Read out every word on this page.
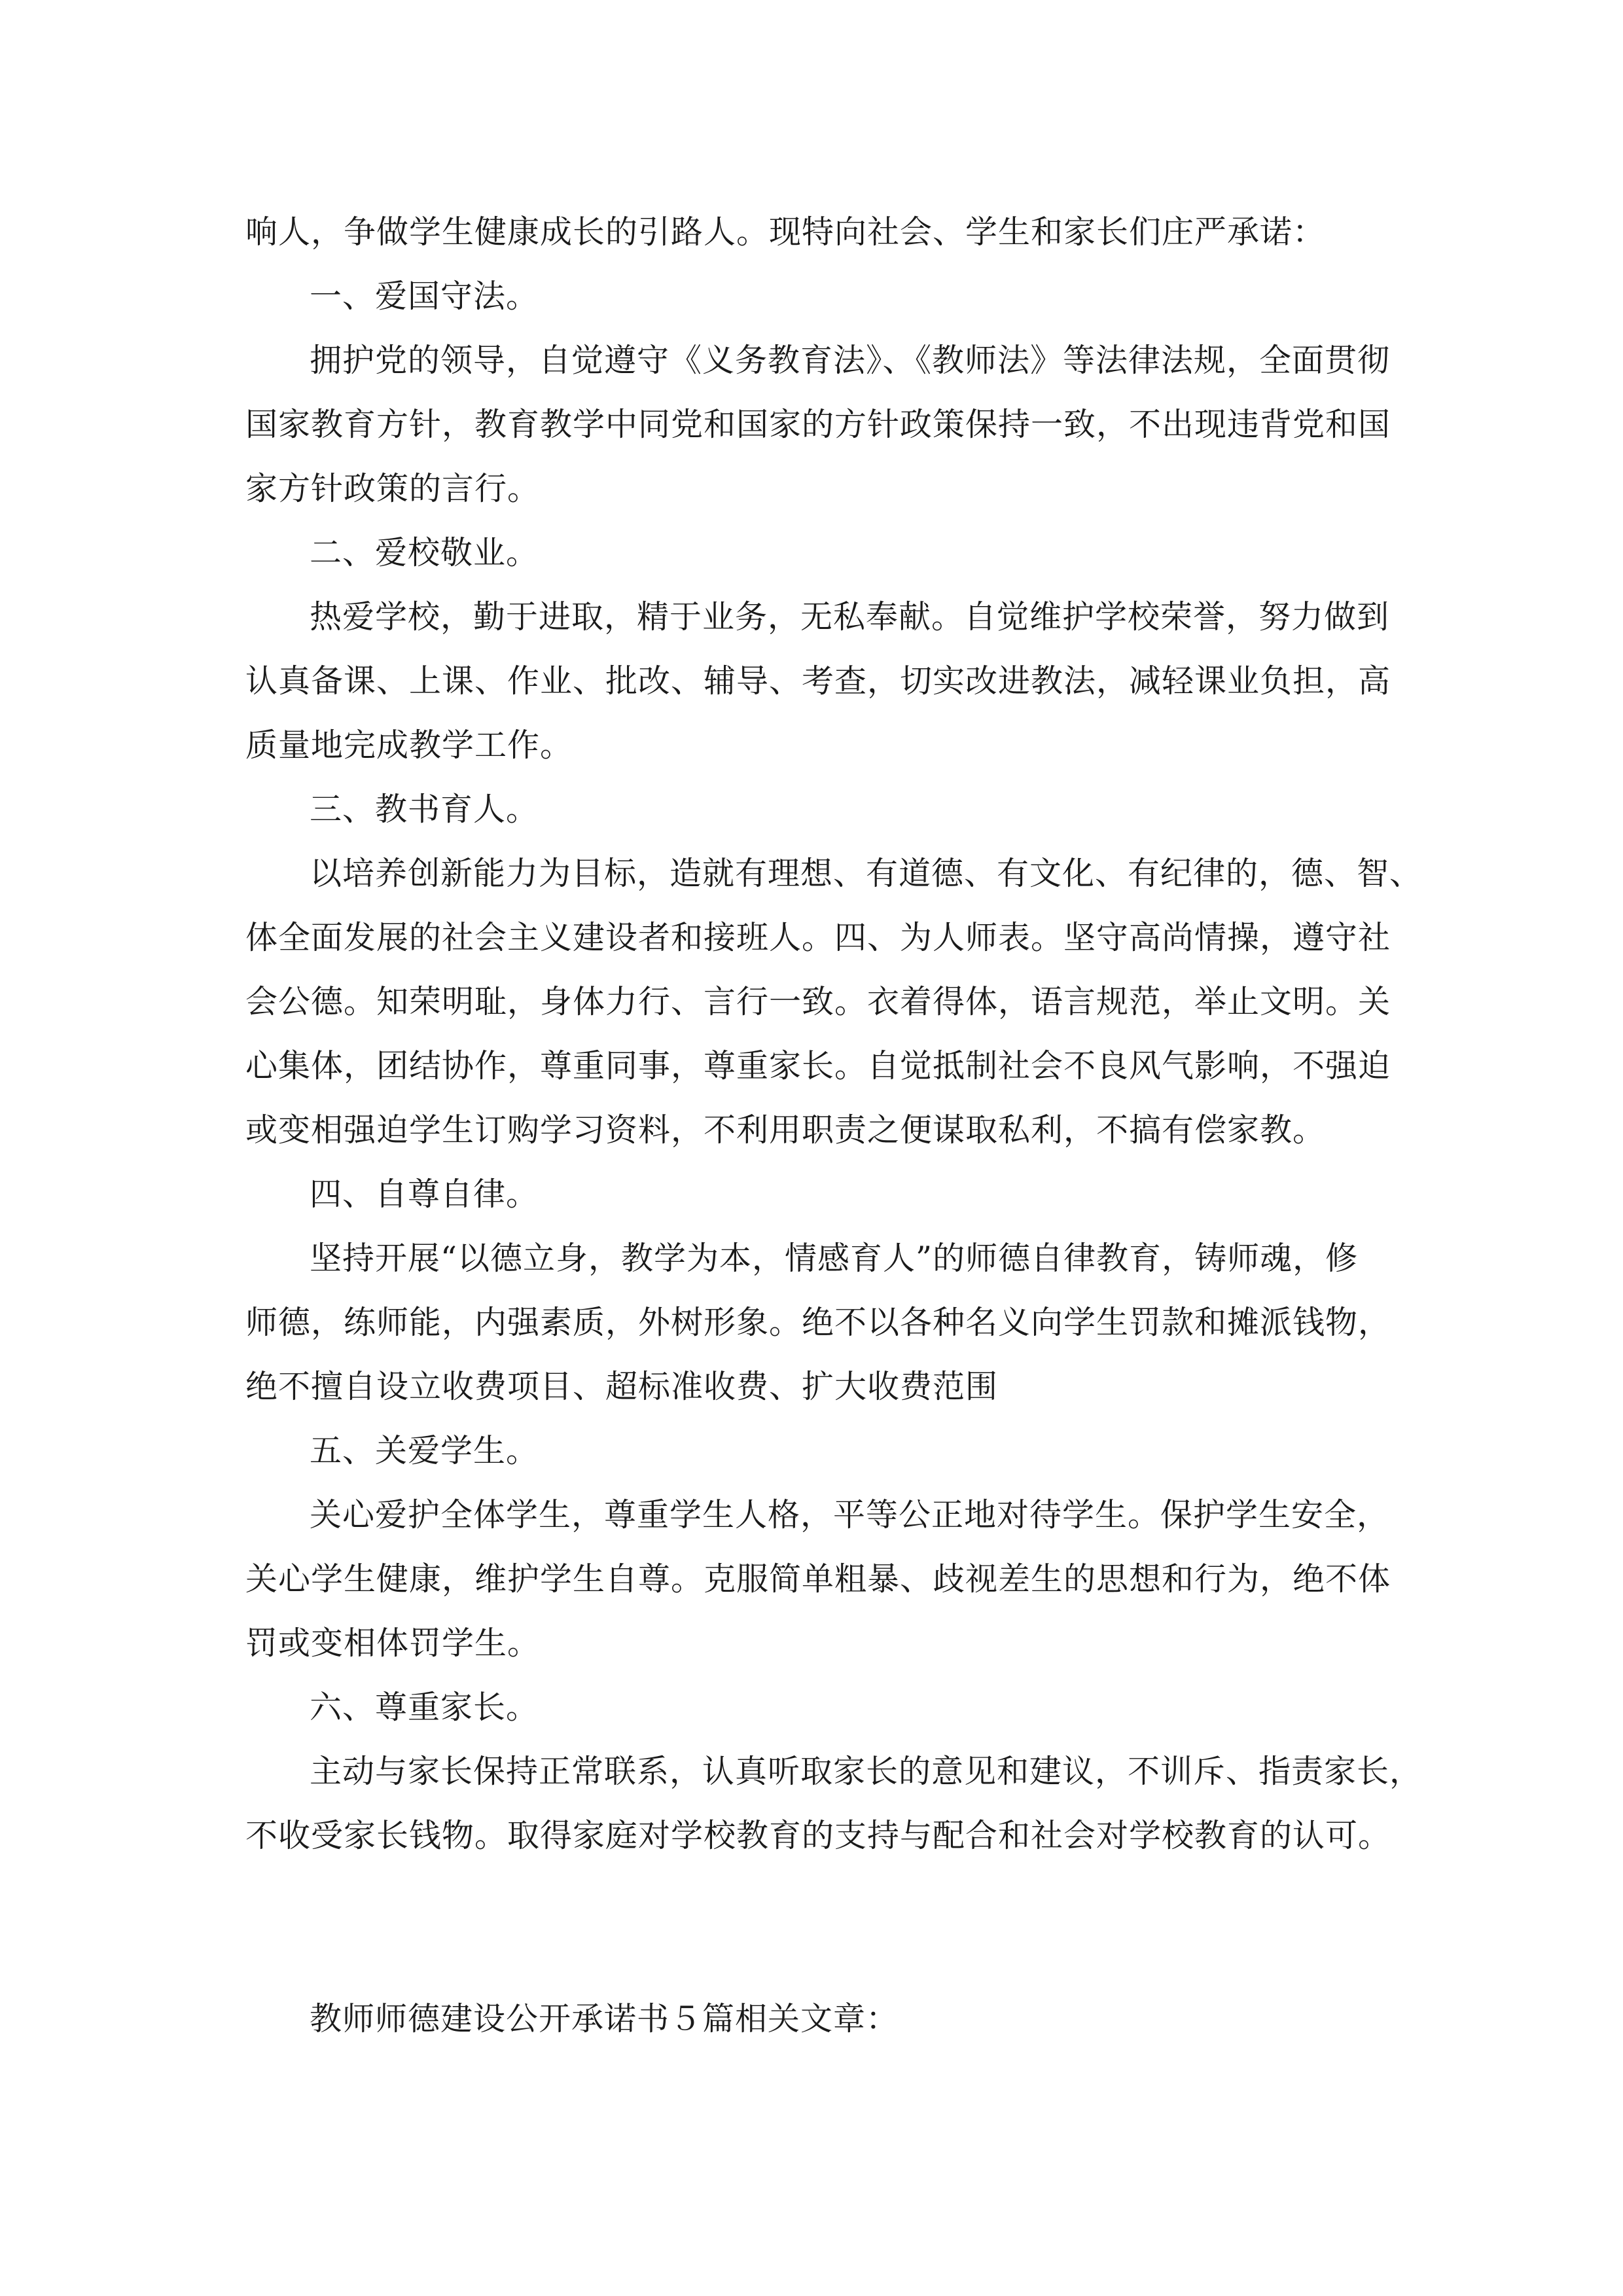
响人，争做学生健康成长的引路人。现特向社会、学生和家长们庄严承诺：
一、爱国守法。
拥护党的领导，自觉遵守《义务教育法》、《教师法》等法律法规，全面贯彻
国家教育方针，教育教学中同党和国家的方针政策保持一致，不出现违背党和国
家方针政策的言行。
二、爱校敬业。
热爱学校，勤于进取，精于业务，无私奉献。自觉维护学校荣誉，努力做到
认真备课、上课、作业、批改、辅导、考查，切实改进教法，减轻课业负担，高
质量地完成教学工作。
三、教书育人。
以培养创新能力为目标，造就有理想、有道德、有文化、有纪律的，德、智、
体全面发展的社会主义建设者和接班人。四、为人师表。坚守高尚情操，遵守社
会公德。知荣明耻，身体力行、言行一致。衣着得体，语言规范，举止文明。关
心集体，团结协作，尊重同事，尊重家长。自觉抵制社会不良风气影响，不强迫
或变相强迫学生订购学习资料，不利用职责之便谋取私利，不搞有偿家教。
四、自尊自律。
坚持开展“以德立身，教学为本，情感育人”的师德自律教育，铸师魂，修
师德，练师能，内强素质，外树形象。绝不以各种名义向学生罚款和摊派钱物，
绝不擅自设立收费项目、超标准收费、扩大收费范围
五、关爱学生。
关心爱护全体学生，尊重学生人格，平等公正地对待学生。保护学生安全，
关心学生健康，维护学生自尊。克服简单粗暴、歧视差生的思想和行为，绝不体
罚或变相体罚学生。
六、尊重家长。
主动与家长保持正常联系，认真听取家长的意见和建议，不训斥、指责家长，
不收受家长钱物。取得家庭对学校教育的支持与配合和社会对学校教育的认可。
教师师德建设公开承诺书５篇相关文章：
